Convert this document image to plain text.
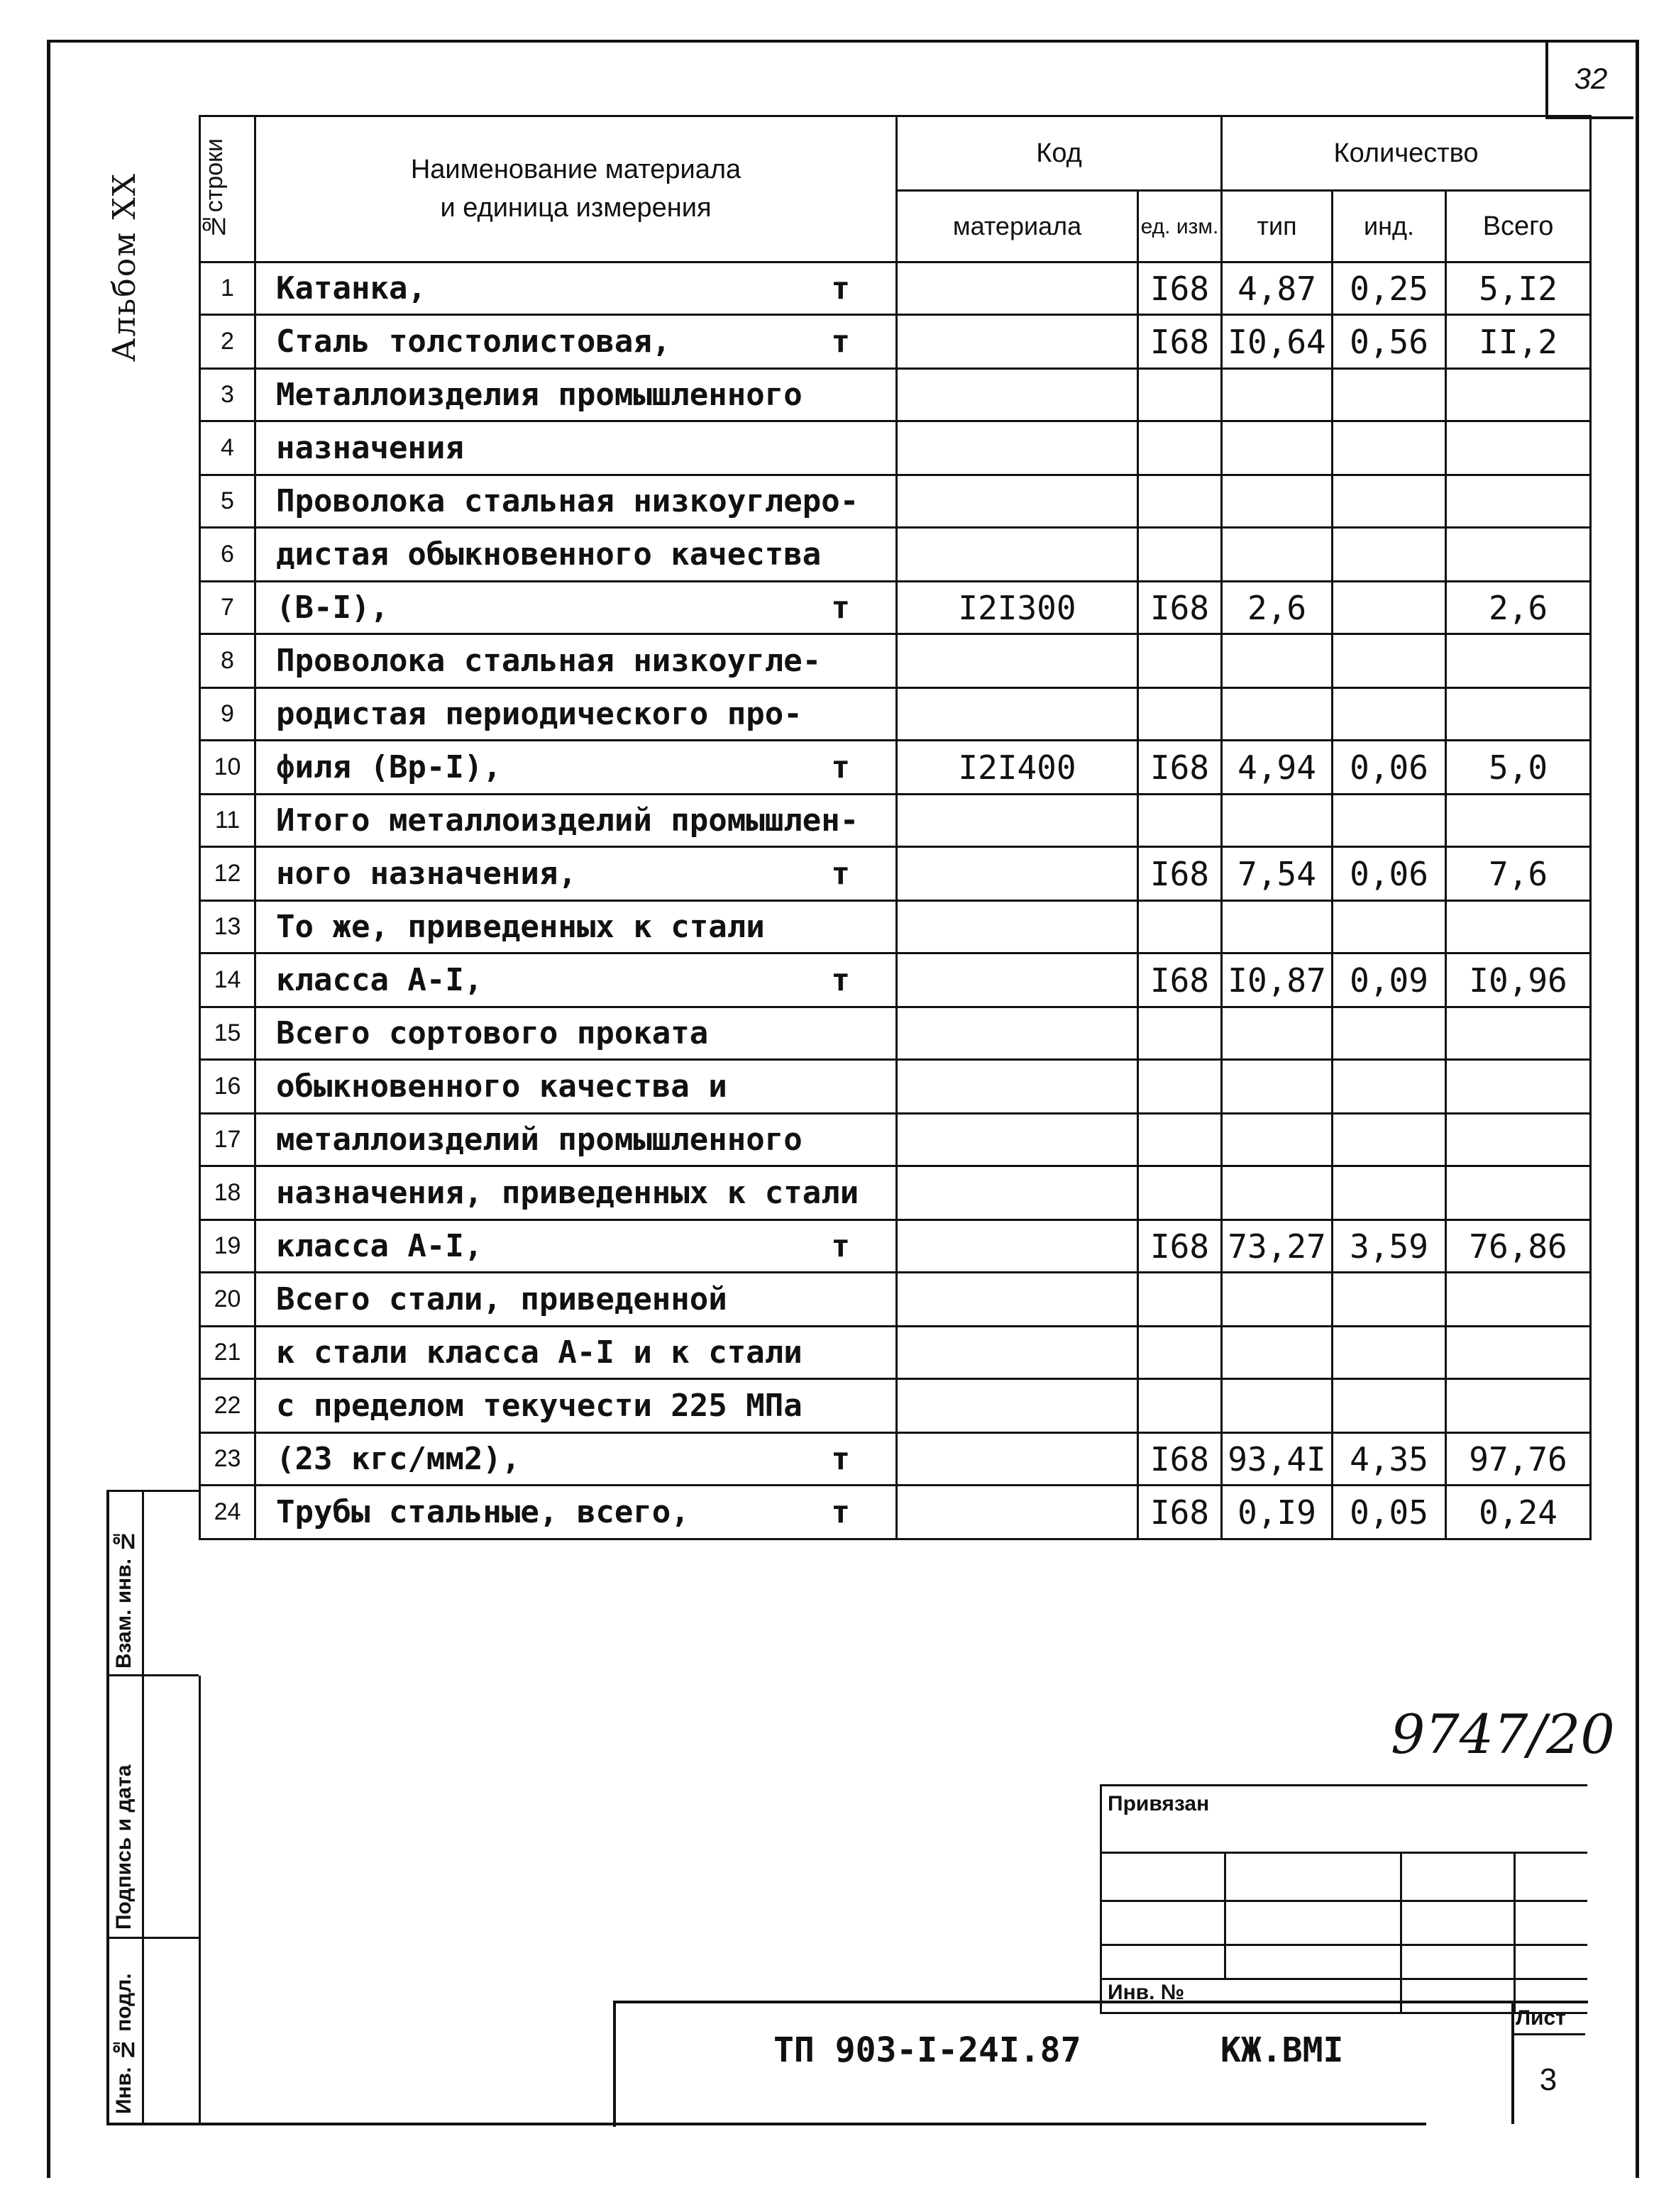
32
Альбом XX №строки	Наименование материала
и единица измерения	Код		Количество		
		материала	ед. изм.	тип	инд.	Всего
1	Катанка, т		I68	4,87	0,25	5,I2
2	Сталь толстолистовая, т		I68	I0,64	0,56	II,2
3	Металлоизделия промышленного

4	назначения

5	Проволока стальная низкоуглеро-

6	дистая обыкновенного качества

7	(В-I), т	I2I300	I68	2,6		2,6
8	Проволока стальная низкоугле-

9	родистая периодического про-

10	филя (Вр-I), т	I2I400	I68	4,94	0,06	5,0
11	Итого металлоизделий промышлен-

12	ного назначения, т		I68	7,54	0,06	7,6
13	То же, приведенных к стали

14	класса А-I, т		I68	I0,87	0,09	I0,96
15	Всего сортового проката

16	обыкновенного качества и

17	металлоизделий промышленного

18	назначения, приведенных к стали

19	класса А-I, т		I68	73,27	3,59	76,86
20	Всего стали, приведенной

21	к стали класса А-I и к стали

22	с пределом текучести 225 МПа

23	(23 кгс/мм2), т		I68	93,4I	4,35	97,76
24	Трубы стальные, всего, т		I68	0,I9	0,05	0,24
Взам. инв. №
Подпись и дата
Инв. № подл.
9747/20
Привязан
Инв. №
Лист
3
ТП 903-I-24I.87	КЖ.ВМI
